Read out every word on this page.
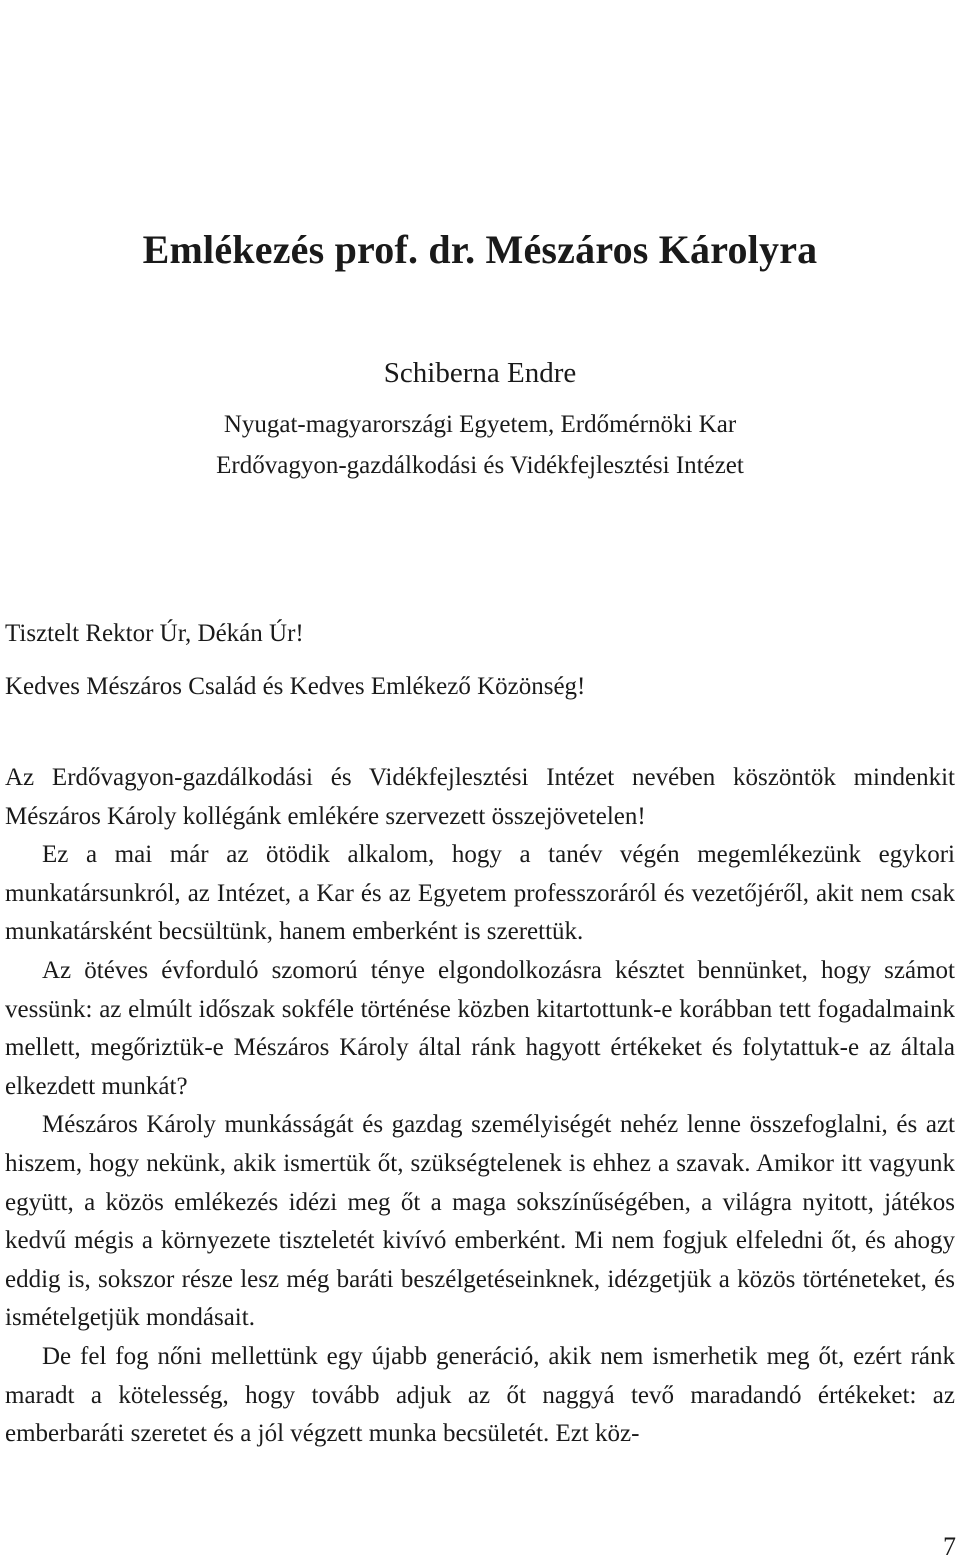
Emlékezés prof. dr. Mészáros Károlyra
Schiberna Endre
Nyugat-magyarországi Egyetem, Erdőmérnöki Kar
Erdővagyon-gazdálkodási és Vidékfejlesztési Intézet
Tisztelt Rektor Úr, Dékán Úr!
Kedves Mészáros Család és Kedves Emlékező Közönség!

Az Erdővagyon-gazdálkodási és Vidékfejlesztési Intézet nevében köszöntök mindenkit Mészáros Károly kollégánk emlékére szervezett összejövetelen!

Ez a mai már az ötödik alkalom, hogy a tanév végén megemlékezünk egykori munkatársunkról, az Intézet, a Kar és az Egyetem professzoráról és vezetőjéről, akit nem csak munkatársként becsültünk, hanem emberként is szerettük.

Az ötéves évforduló szomorú ténye elgondolkozásra késztet bennünket, hogy számot vessünk: az elmúlt időszak sokféle történése közben kitartottunk-e korábban tett fogadalmaink mellett, megőriztük-e Mészáros Károly által ránk hagyott értékeket és folytattuk-e az általa elkezdett munkát?

Mészáros Károly munkásságát és gazdag személyiségét nehéz lenne összefoglalni, és azt hiszem, hogy nekünk, akik ismertük őt, szükségtelenek is ehhez a szavak. Amikor itt vagyunk együtt, a közös emlékezés idézi meg őt a maga sokszínűségében, a világra nyitott, játékos kedvű mégis a környezete tiszteletét kivívó emberként. Mi nem fogjuk elfeledni őt, és ahogy eddig is, sokszor része lesz még baráti beszélgetéseinknek, idézgetjük a közös történeteket, és ismételgetjük mondásait.

De fel fog nőni mellettünk egy újabb generáció, akik nem ismerhetik meg őt, ezért ránk maradt a kötelesség, hogy tovább adjuk az őt naggyá tevő maradandó értékeket: az emberbaráti szeretet és a jól végzett munka becsületét. Ezt köz-

7
